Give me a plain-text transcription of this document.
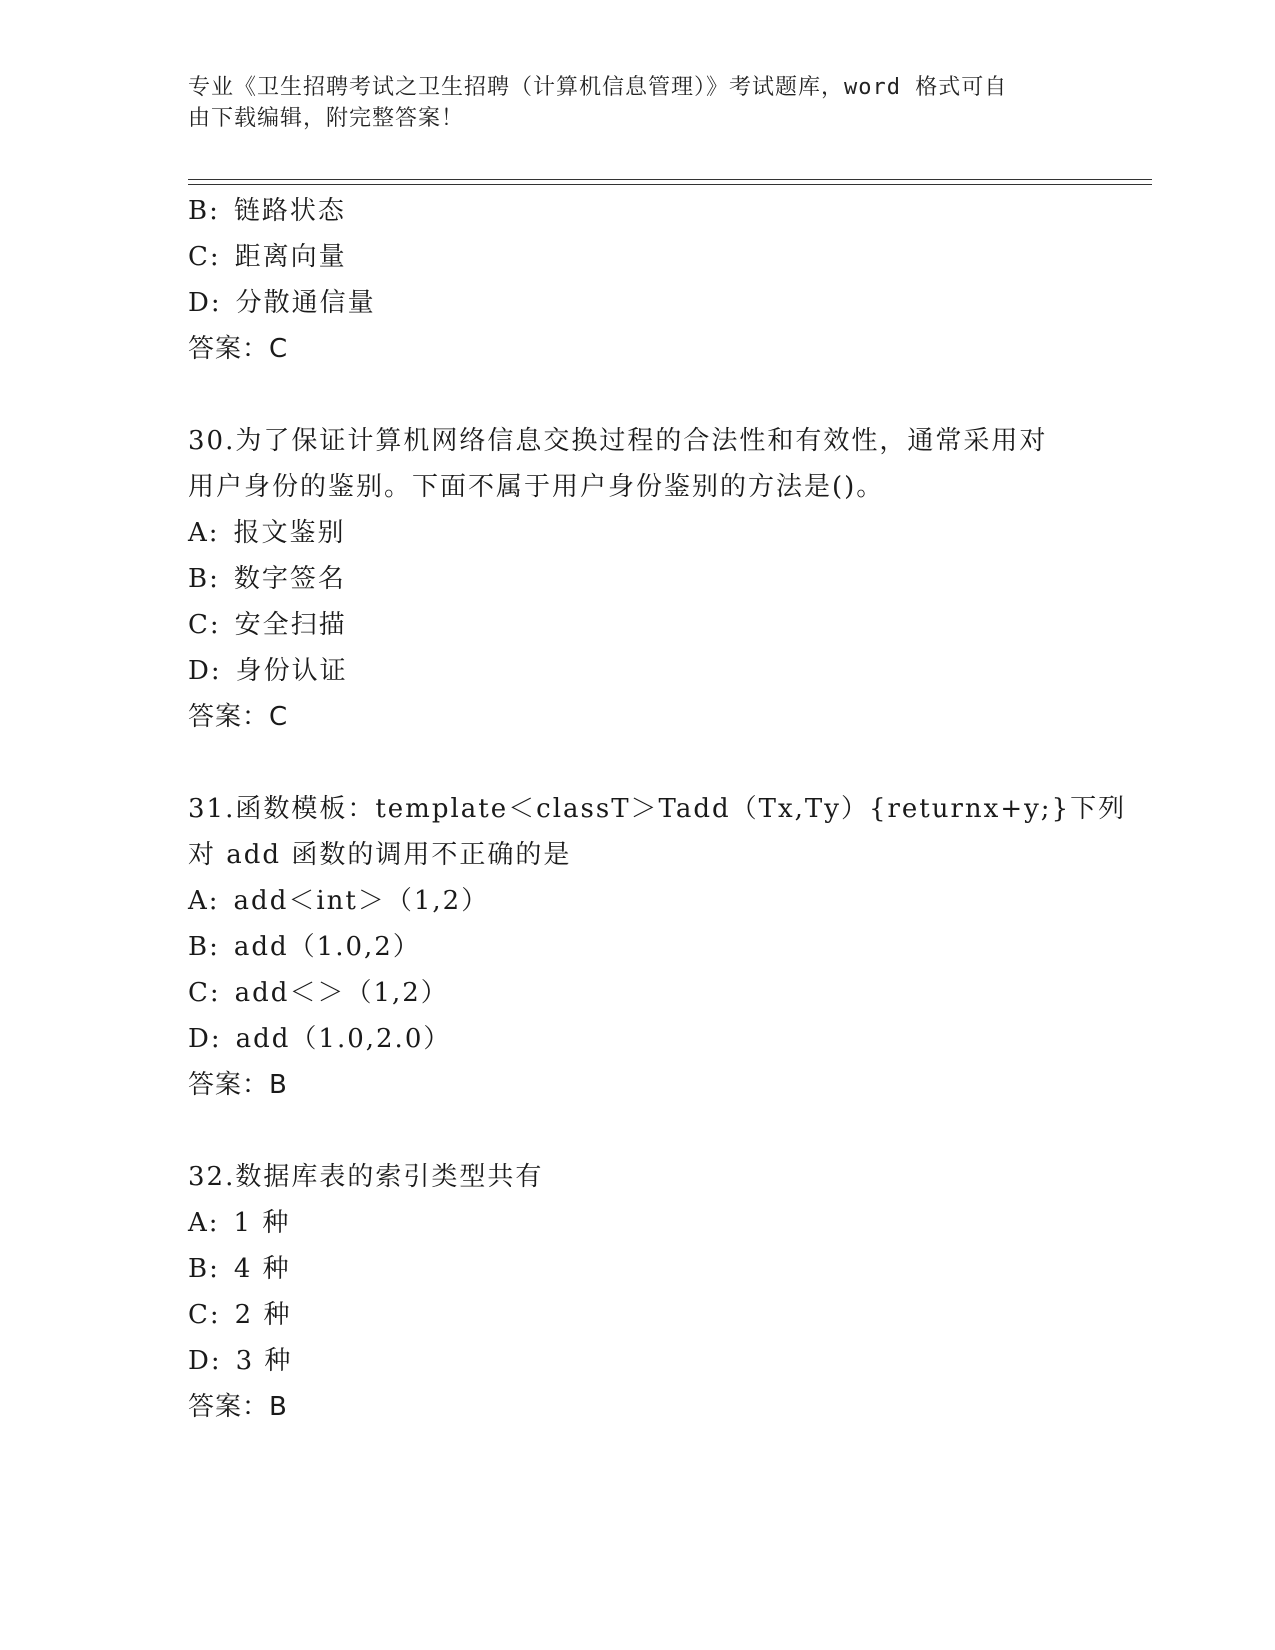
专业《卫生招聘考试之卫生招聘（计算机信息管理）》考试题库，word 格式可自
由下载编辑，附完整答案！
B: 链路状态
C: 距离向量
D: 分散通信量
答案：C
30.为了保证计算机网络信息交换过程的合法性和有效性，通常采用对
用户身份的鉴别。下面不属于用户身份鉴别的方法是()。
A: 报文鉴别
B: 数字签名
C: 安全扫描
D: 身份认证
答案：C
31.函数模板：template＜classT＞Tadd（Tx,Ty）{returnx+y;}下列
对 add 函数的调用不正确的是
A: add＜int＞（1,2）
B: add（1.0,2）
C: add＜＞（1,2）
D: add（1.0,2.0）
答案：B
32.数据库表的索引类型共有
A: 1 种
B: 4 种
C: 2 种
D: 3 种
答案：B
